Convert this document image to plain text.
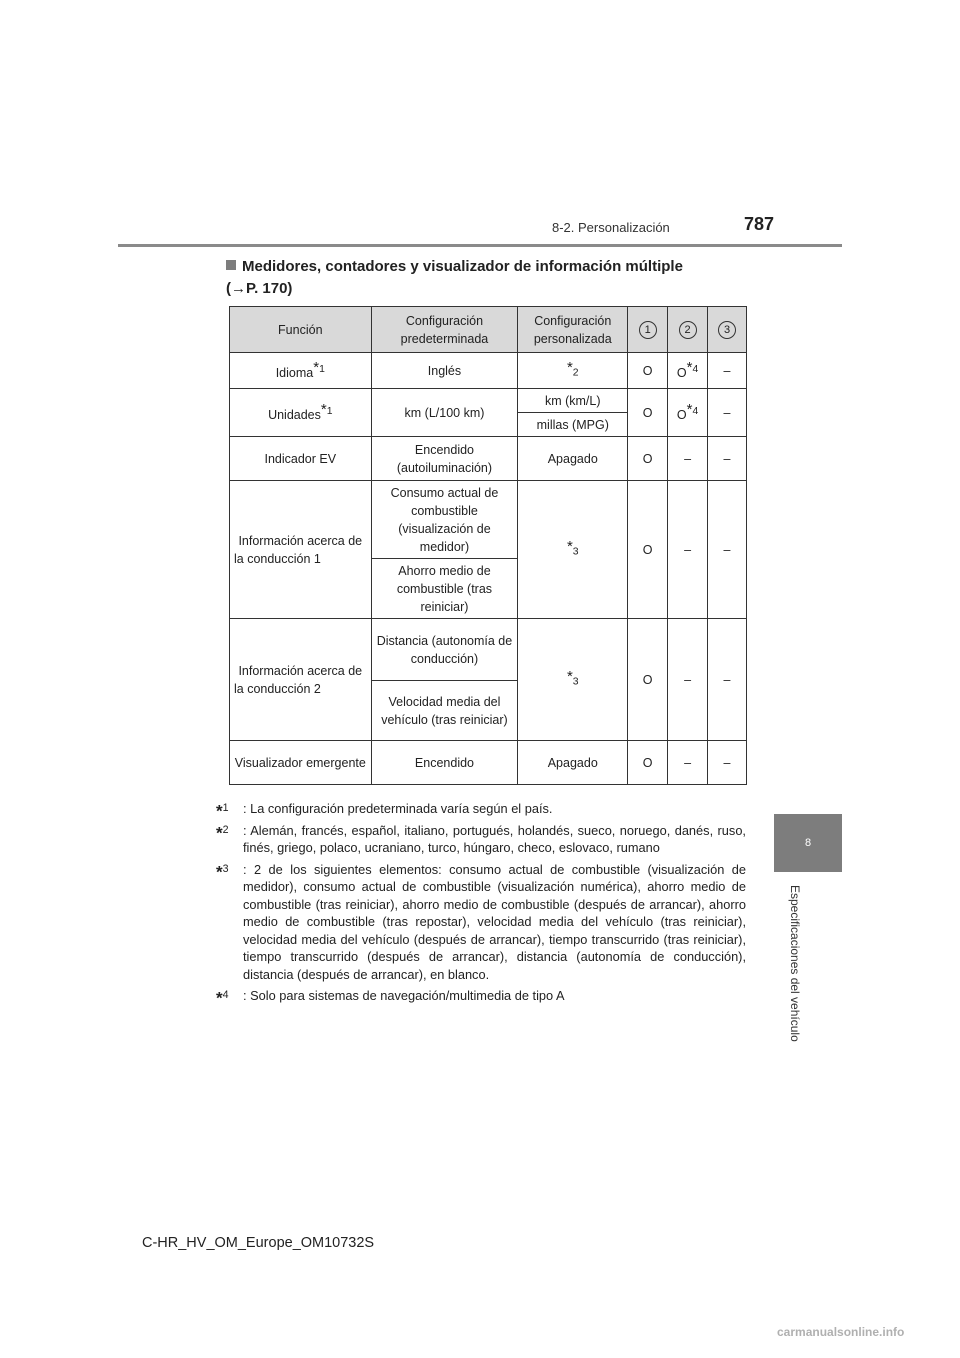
8-2. Personalización	787
8
Especificaciones del vehículo
Medidores, contadores y visualizador de información múltiple
(→P. 170)
Función	Configuración predeterminada	Configuración personalizada	1	2	3
Idioma$^{*1}$	Inglés	$*_2$	O	$O^{*4}$	–
Unidades$^{*1}$	km (L/100 km)	km (km/L)	O	$O^{*4}$	–
		millas (MPG)			
Indicador EV	Encendido (autoiluminación)	Apagado	O	–	–
Información acerca de la conducción 1	Consumo actual de combustible (visualización de medidor)	$*_3$	O	–	–
	Ahorro medio de combustible (tras reiniciar)				
Información acerca de la conducción 2	Distancia (autonomía de conducción)	$*_3$	O	–	–
	Velocidad media del vehículo (tras reiniciar)				
Visualizador emergente	Encendido	Apagado	O	–	–
*$^1$ : La configuración predeterminada varía según el país.
*$^2$ : Alemán, francés, español, italiano, portugués, holandés, sueco, noruego, danés, ruso, finés, griego, polaco, ucraniano, turco, húngaro, checo, eslovaco, rumano
*$^3$ : 2 de los siguientes elementos: consumo actual de combustible (visualización de medidor), consumo actual de combustible (visualización numérica), ahorro medio de combustible (tras reiniciar), ahorro medio de combustible (después de arrancar), ahorro medio de combustible (tras repostar), velocidad media del vehículo (tras reiniciar), velocidad media del vehículo (después de arrancar), tiempo transcurrido (tras reiniciar), tiempo transcurrido (después de arrancar), distancia (autonomía de conducción), distancia (después de arrancar), en blanco.
*$^4$ : Solo para sistemas de navegación/multimedia de tipo A
C-HR_HV_OM_Europe_OM10732S
carmanualsonline.info
